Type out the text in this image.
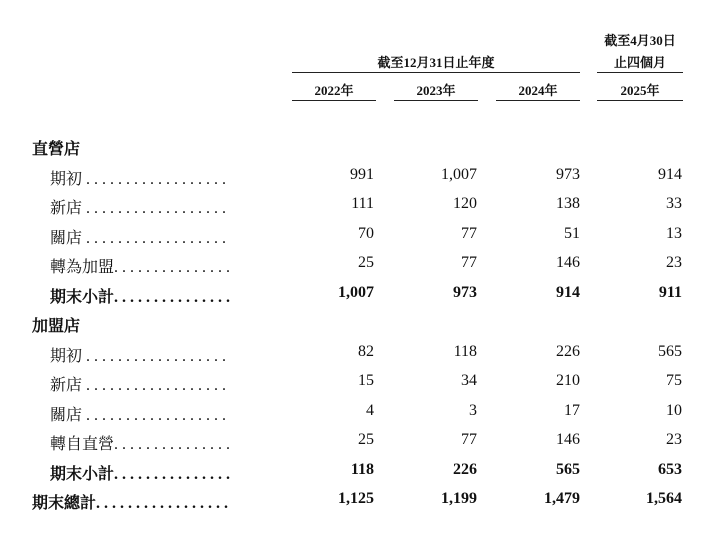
截至12月31日止年度
截至4月30日
止四個月
2022年	2023年	2024年	2025年
直營店
期初 . . . . . . . . . . . . . . . . . .	991	1,007	973	914
新店 . . . . . . . . . . . . . . . . . .	111	120	138	33
關店 . . . . . . . . . . . . . . . . . .	70	77	51	13
轉為加盟. . . . . . . . . . . . . . .	25	77	146	23
期末小計. . . . . . . . . . . . . . .	1,007	973	914	911
加盟店
期初 . . . . . . . . . . . . . . . . . .	82	118	226	565
新店 . . . . . . . . . . . . . . . . . .	15	34	210	75
關店 . . . . . . . . . . . . . . . . . .	4	3	17	10
轉自直營. . . . . . . . . . . . . . .	25	77	146	23
期末小計. . . . . . . . . . . . . . .	118	226	565	653
期末總計. . . . . . . . . . . . . . . . .	1,125	1,199	1,479	1,564
